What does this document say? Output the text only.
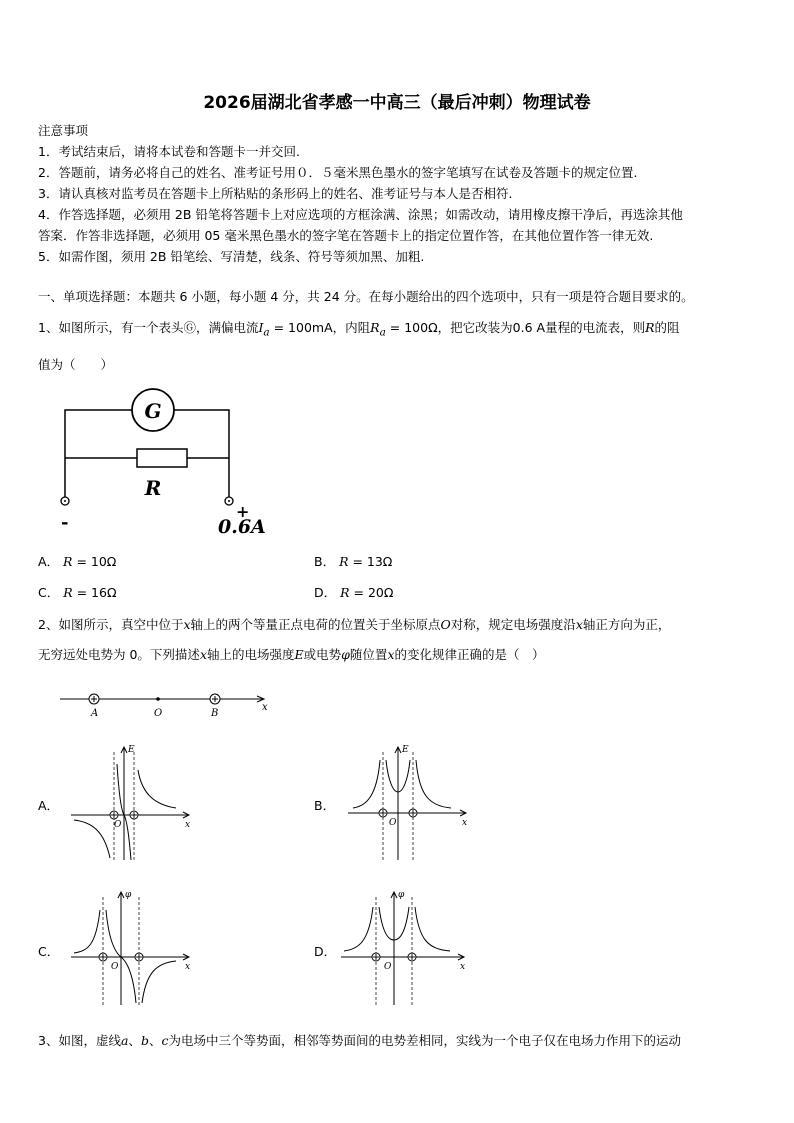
2026届湖北省孝感一中高三（最后冲刺）物理试卷
注意事项
1．考试结束后，请将本试卷和答题卡一并交回.
2．答题前，请务必将自己的姓名、准考证号用０．５毫米黑色墨水的签字笔填写在试卷及答题卡的规定位置.
3．请认真核对监考员在答题卡上所粘贴的条形码上的姓名、准考证号与本人是否相符.
4．作答选择题，必须用 2B 铅笔将答题卡上对应选项的方框涂满、涂黑；如需改动，请用橡皮擦干净后，再选涂其他
答案．作答非选择题，必须用 05 毫米黑色墨水的签字笔在答题卡上的指定位置作答，在其他位置作答一律无效.
5．如需作图，须用 2B 铅笔绘、写清楚，线条、符号等须加黑、加粗.
一、单项选择题：本题共 6 小题，每小题 4 分，共 24 分。在每小题给出的四个选项中，只有一项是符合题目要求的。
1、如图所示，有一个表头Ⓖ，满偏电流$I_a = 100mA$，内阻$R_a = 100\Omega$，把它改装为0.6 A量程的电流表，则R的阻
值为（　　）
G
R
-
+
0.6A
A． R = 10Ω	B． R = 13Ω
C． R = 16Ω	D． R = 20Ω
2、如图所示，真空中位于x轴上的两个等量正点电荷的位置关于坐标原点O对称，规定电场强度沿x轴正方向为正，
无穷远处电势为 0。下列描述x轴上的电场强度E或电势φ随位置x的变化规律正确的是（　）
A	O	B
x
A．
E
O	x
B．
E
O	x
C．
φ
O	x
D．
φ
O	x
3、如图，虚线a、b、c为电场中三个等势面，相邻等势面间的电势差相同，实线为一个电子仅在电场力作用下的运动
